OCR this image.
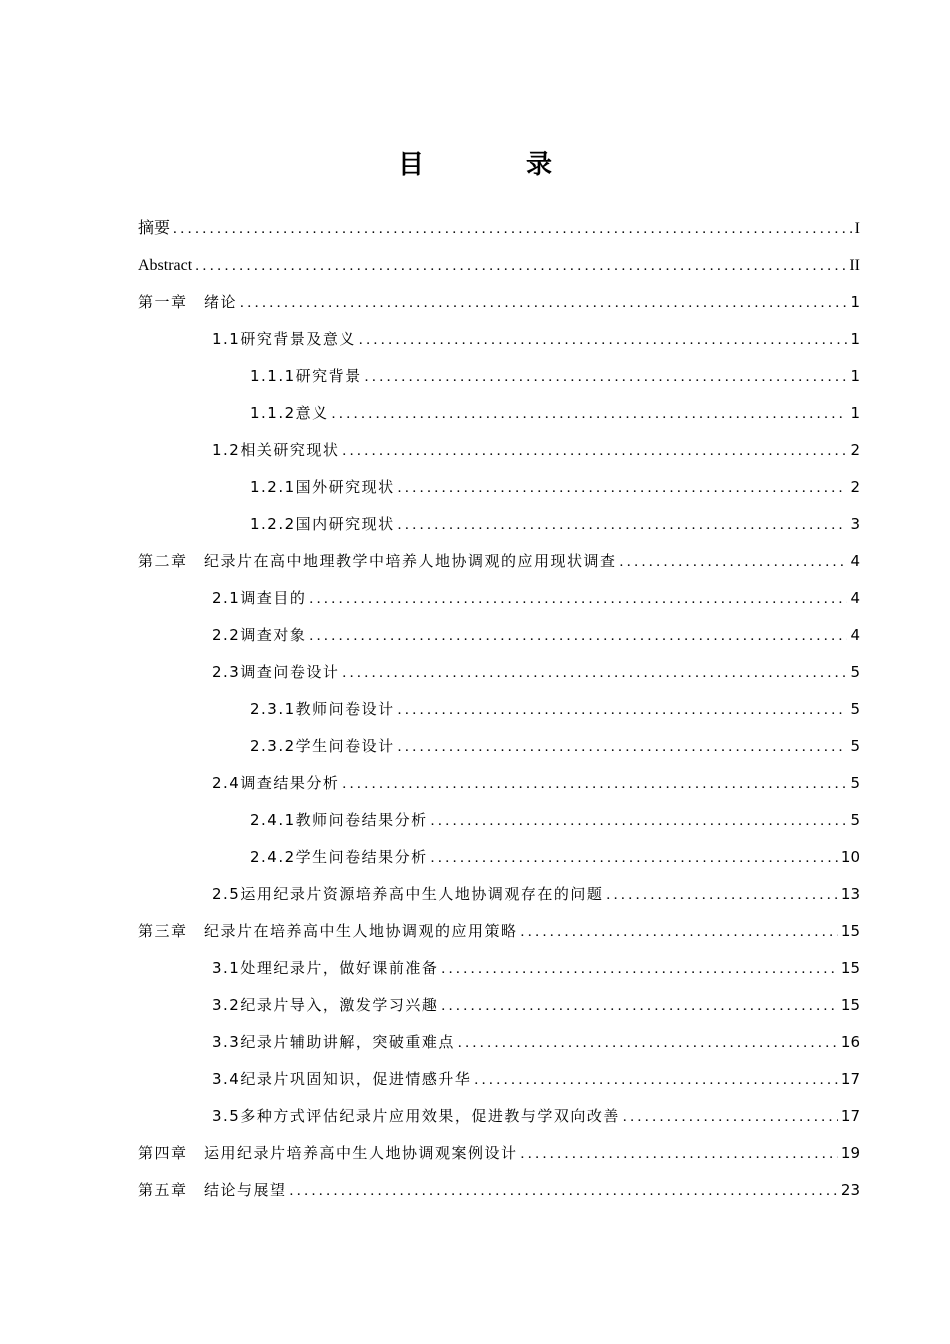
目　录
摘要 .....	I
Abstract .....	II
第一章　绪论 .....	1
1.1研究背景及意义 .....	1
1.1.1研究背景 .....	1
1.1.2意义 .....	1
1.2相关研究现状 .....	2
1.2.1国外研究现状 .....	2
1.2.2国内研究现状 .....	3
第二章　纪录片在高中地理教学中培养人地协调观的应用现状调查 .....	4
2.1调查目的 .....	4
2.2调查对象 .....	4
2.3调查问卷设计 .....	5
2.3.1教师问卷设计 .....	5
2.3.2学生问卷设计 .....	5
2.4调查结果分析 .....	5
2.4.1教师问卷结果分析 .....	5
2.4.2学生问卷结果分析 .....	10
2.5运用纪录片资源培养高中生人地协调观存在的问题 .....	13
第三章　纪录片在培养高中生人地协调观的应用策略 .....	15
3.1处理纪录片，做好课前准备 .....	15
3.2纪录片导入，激发学习兴趣 .....	15
3.3纪录片辅助讲解，突破重难点 .....	16
3.4纪录片巩固知识，促进情感升华 .....	17
3.5多种方式评估纪录片应用效果，促进教与学双向改善 .....	17
第四章　运用纪录片培养高中生人地协调观案例设计 .....	19
第五章　结论与展望 .....	23
